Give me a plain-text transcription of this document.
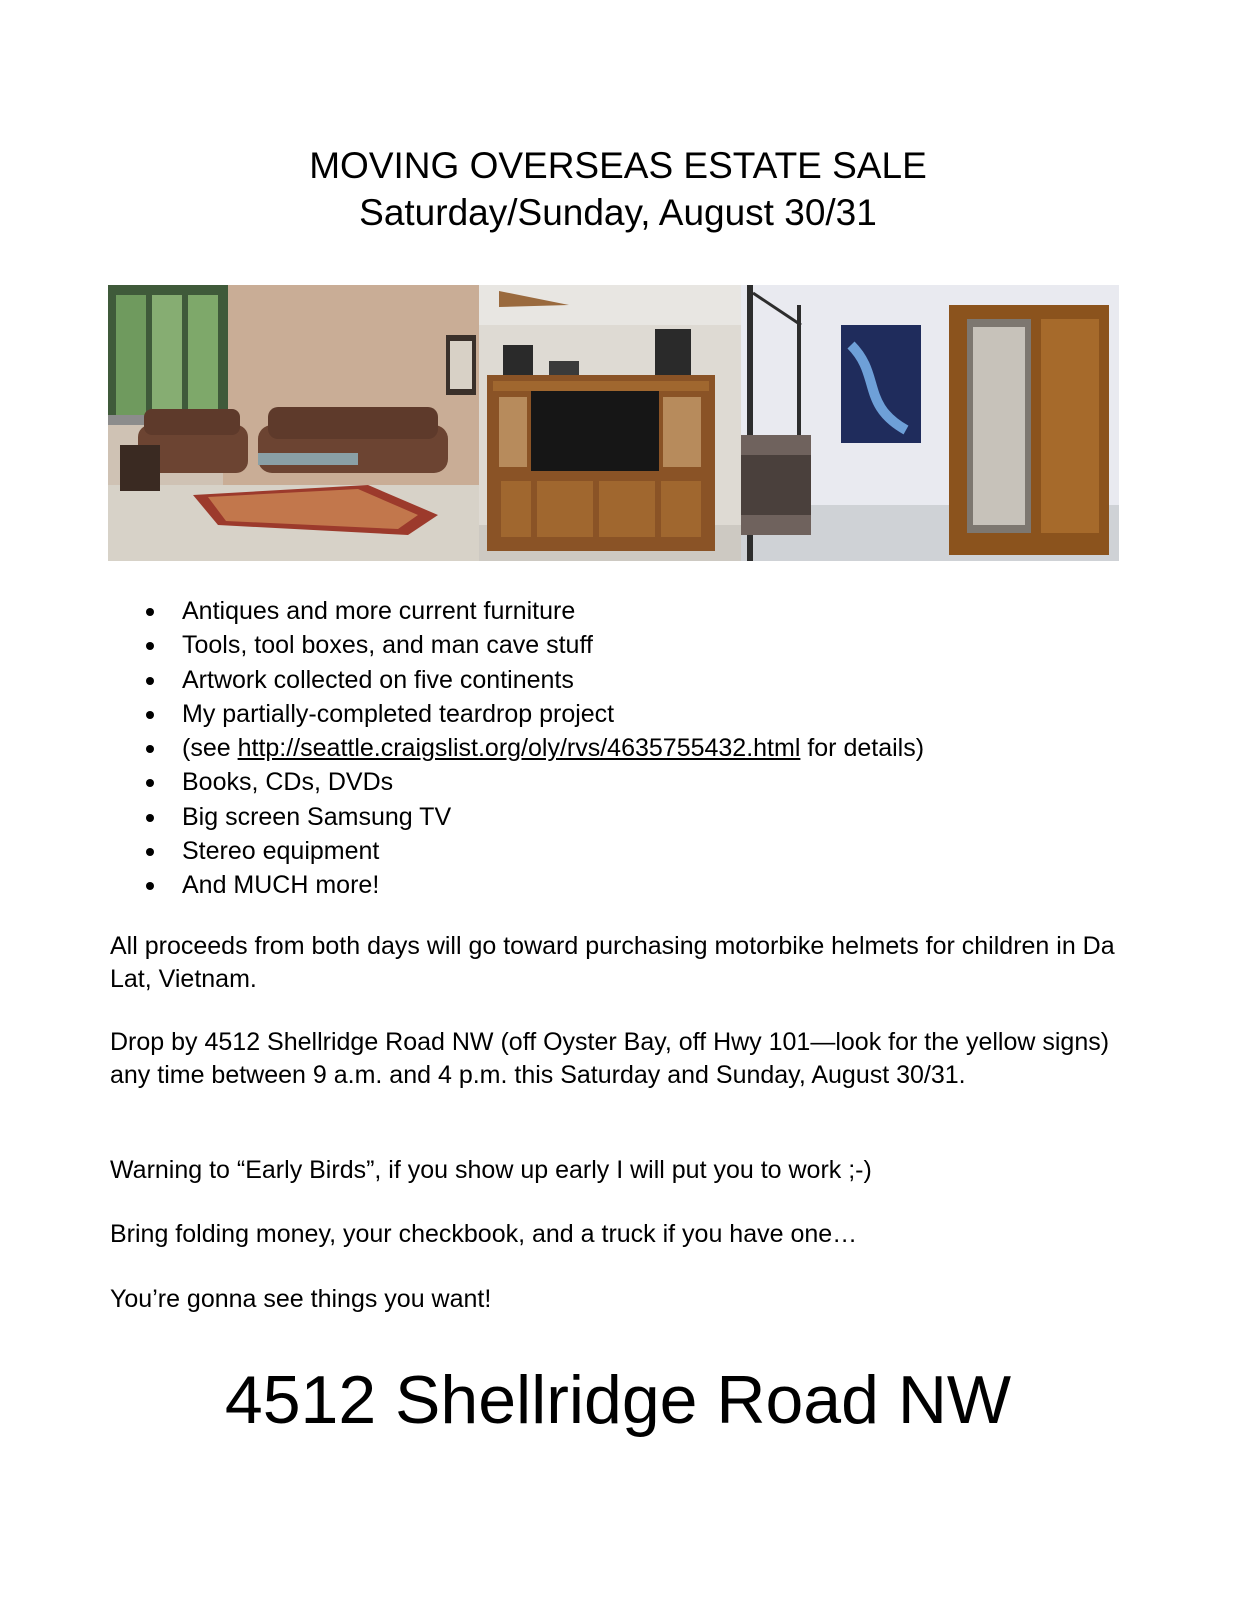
MOVING OVERSEAS ESTATE SALE
Saturday/Sunday, August 30/31
Antiques and more current furniture
Tools, tool boxes, and man cave stuff
Artwork collected on five continents
My partially-completed teardrop project
(see http://seattle.craigslist.org/oly/rvs/4635755432.html for details)
Books, CDs, DVDs
Big screen Samsung TV
Stereo equipment
And MUCH more!

All proceeds from both days will go toward purchasing motorbike helmets for children in Da Lat, Vietnam.

Drop by 4512 Shellridge Road NW (off Oyster Bay, off Hwy 101—look for the yellow signs) any time between 9 a.m. and 4 p.m. this Saturday and Sunday, August 30/31.

Warning to “Early Birds”, if you show up early I will put you to work ;-)

Bring folding money, your checkbook, and a truck if you have one…

You’re gonna see things you want!

4512 Shellridge Road NW
